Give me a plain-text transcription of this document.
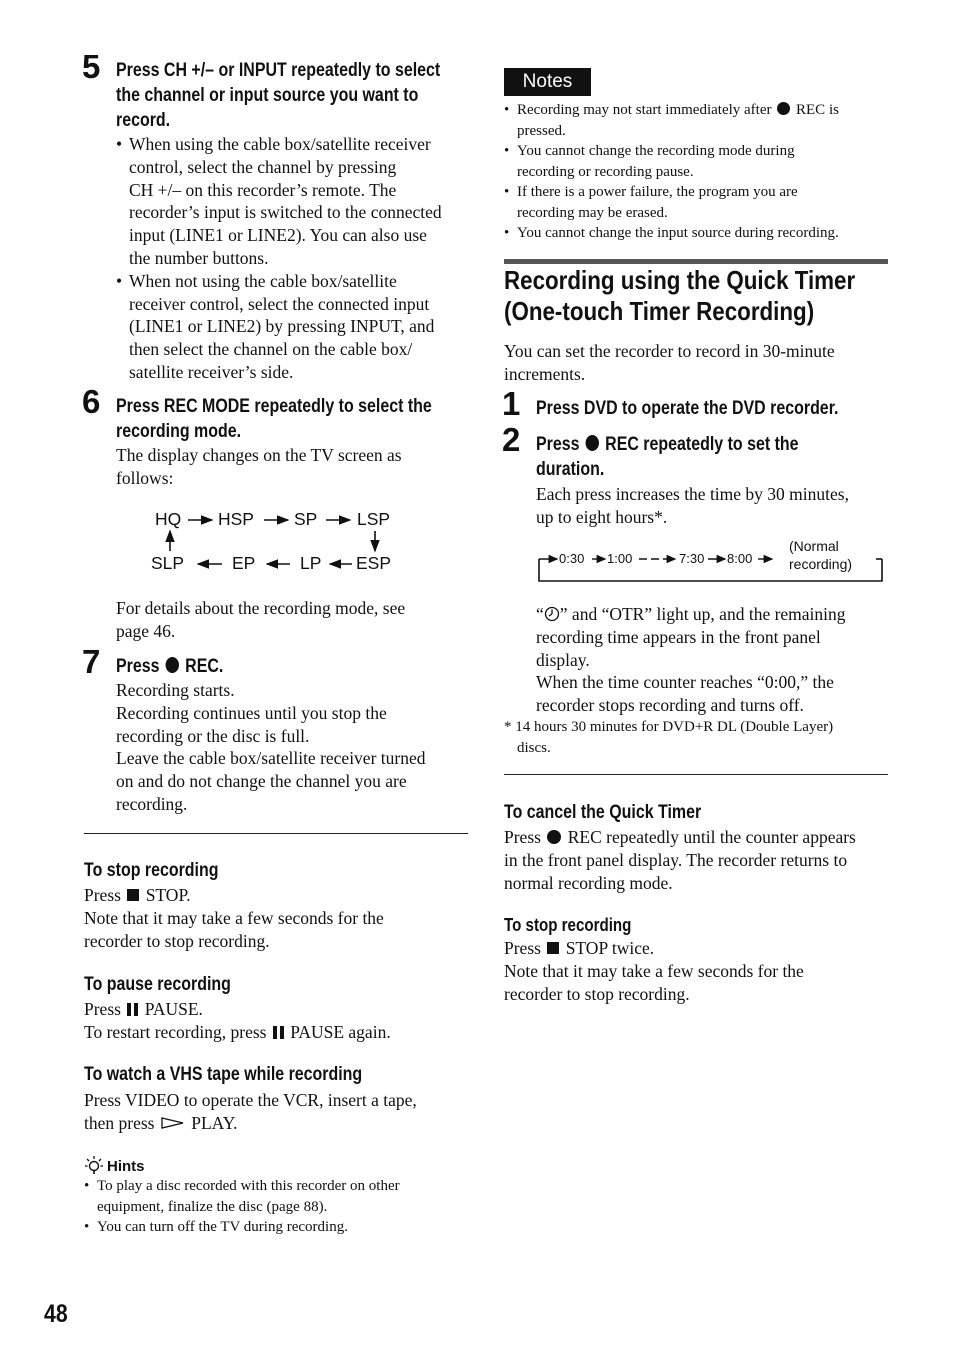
5 Press CH +/– or INPUT repeatedly to select
the channel or input source you want to
record.
• When using the cable box/satellite receiver
control, select the channel by pressing
CH +/– on this recorder’s remote. The
recorder’s input is switched to the connected
input (LINE1 or LINE2). You can also use
the number buttons.
• When not using the cable box/satellite
receiver control, select the connected input
(LINE1 or LINE2) by pressing INPUT, and
then select the channel on the cable box/
satellite receiver’s side.
6 Press REC MODE repeatedly to select the
recording mode.
The display changes on the TV screen as
follows:
HQ HSP SP LSP
ESP
LP
EP
SLP
For details about the recording mode, see
page 46.
7 Press REC.
Recording starts.
Recording continues until you stop the
recording or the disc is full.
Leave the cable box/satellite receiver turned
on and do not change the channel you are
recording.
To stop recording
Press STOP.
Note that it may take a few seconds for the
recorder to stop recording.
To pause recording
Press PAUSE.
To restart recording, press PAUSE again.
To watch a VHS tape while recording
Press VIDEO to operate the VCR, insert a tape,
then press PLAY.
Hints
• To play a disc recorded with this recorder on other
equipment, finalize the disc (page 88).
• You can turn off the TV during recording.
48
Notes
• Recording may not start immediately after REC is
pressed.
• You cannot change the recording mode during
recording or recording pause.
• If there is a power failure, the program you are
recording may be erased.
• You cannot change the input source during recording.
Recording using the Quick Timer
(One-touch Timer Recording)
You can set the recorder to record in 30-minute
increments.
1 Press DVD to operate the DVD recorder.
2 Press REC repeatedly to set the
duration.
Each press increases the time by 30 minutes,
up to eight hours*.
0:30 1:00	7:30 8:00
(Normal
recording)
“ ” and “OTR” light up, and the remaining
recording time appears in the front panel
display.
When the time counter reaches “0:00,” the
recorder stops recording and turns off.
* 14 hours 30 minutes for DVD+R DL (Double Layer)
discs.
To cancel the Quick Timer
Press REC repeatedly until the counter appears
in the front panel display. The recorder returns to
normal recording mode.
To stop recording
Press STOP twice.
Note that it may take a few seconds for the
recorder to stop recording.
